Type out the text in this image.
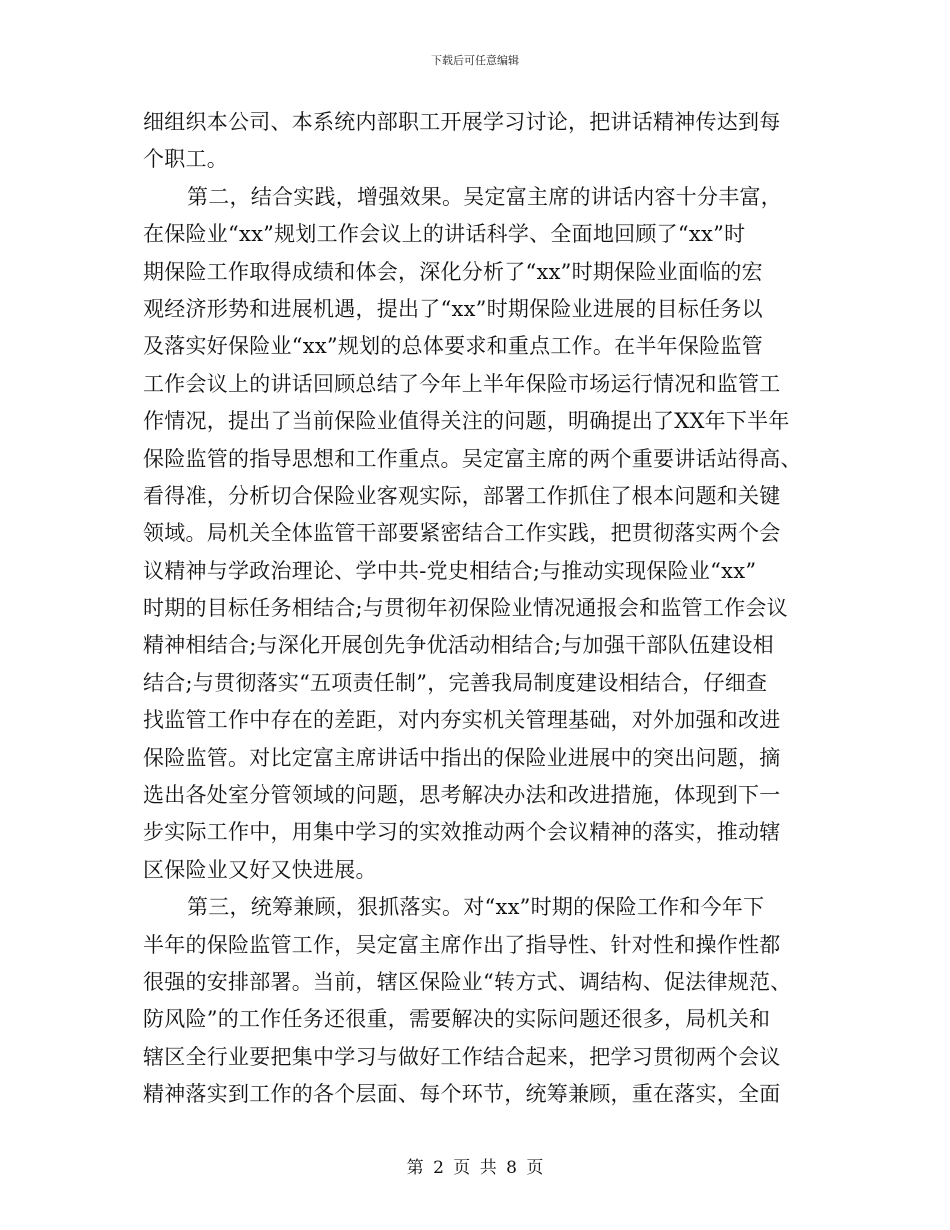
下载后可任意编辑
细组织本公司、本系统内部职工开展学习讨论，把讲话精神传达到每
个职工。
第二，结合实践，增强效果。吴定富主席的讲话内容十分丰富，
在保险业“xx”规划工作会议上的讲话科学、全面地回顾了“xx”时
期保险工作取得成绩和体会，深化分析了“xx”时期保险业面临的宏
观经济形势和进展机遇，提出了“xx”时期保险业进展的目标任务以
及落实好保险业“xx”规划的总体要求和重点工作。在半年保险监管
工作会议上的讲话回顾总结了今年上半年保险市场运行情况和监管工
作情况，提出了当前保险业值得关注的问题，明确提出了XX年下半年
保险监管的指导思想和工作重点。吴定富主席的两个重要讲话站得高、
看得准，分析切合保险业客观实际，部署工作抓住了根本问题和关键
领域。局机关全体监管干部要紧密结合工作实践，把贯彻落实两个会
议精神与学政治理论、学中共-党史相结合;与推动实现保险业“xx”
时期的目标任务相结合;与贯彻年初保险业情况通报会和监管工作会议
精神相结合;与深化开展创先争优活动相结合;与加强干部队伍建设相
结合;与贯彻落实“五项责任制”，完善我局制度建设相结合，仔细查
找监管工作中存在的差距，对内夯实机关管理基础，对外加强和改进
保险监管。对比定富主席讲话中指出的保险业进展中的突出问题，摘
选出各处室分管领域的问题，思考解决办法和改进措施，体现到下一
步实际工作中，用集中学习的实效推动两个会议精神的落实，推动辖
区保险业又好又快进展。
第三，统筹兼顾，狠抓落实。对“xx”时期的保险工作和今年下
半年的保险监管工作，吴定富主席作出了指导性、针对性和操作性都
很强的安排部署。当前，辖区保险业“转方式、调结构、促法律规范、
防风险”的工作任务还很重，需要解决的实际问题还很多，局机关和
辖区全行业要把集中学习与做好工作结合起来，把学习贯彻两个会议
精神落实到工作的各个层面、每个环节，统筹兼顾，重在落实，全面
第 2 页 共 8 页
